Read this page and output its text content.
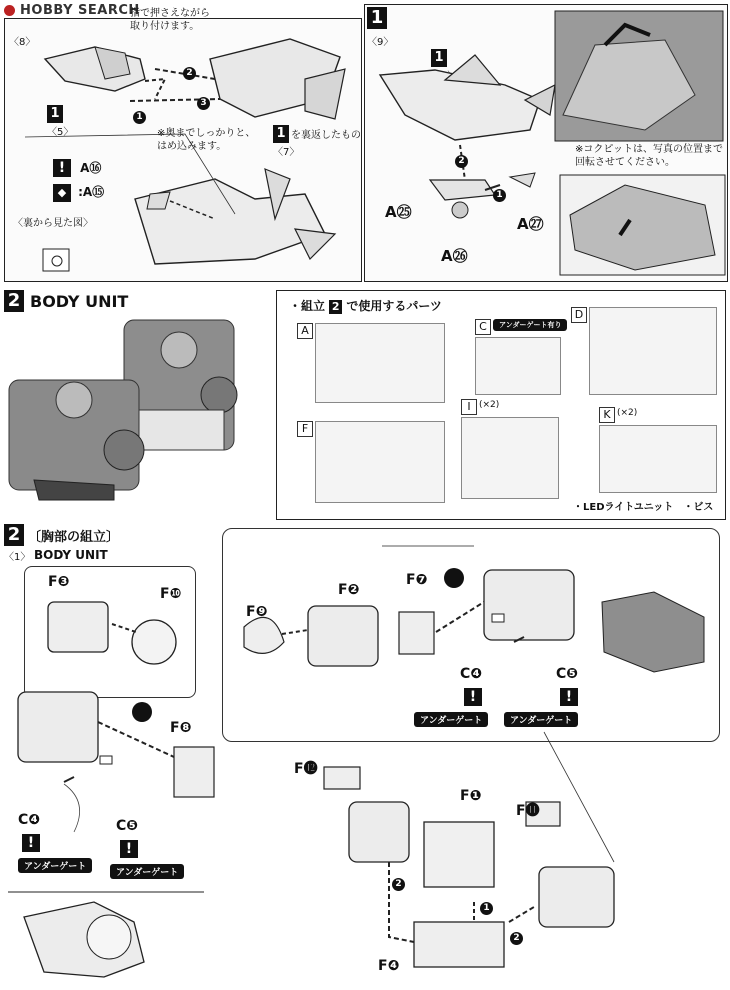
HOBBY SEARCH
〈8〉
指で押さえながら
取り付けます。
1
〈5〉
1
2
3
1
〈7〉
を裏返したもの
※奥までしっかりと、
はめ込みます。
! A⑯
◆ :A⑮
〈裏から見た図〉
1
〈9〉
1
2
1
A㉕
A㉖
A㉗
※コクピットは、写真の位置まで
回転させてください。
2 BODY UNIT	・組立 2 で使用するパーツ
A	C	アンダーゲート有り
D
F
I (×2)
K (×2)
・LEDライトユニット　・ビス
2 〔胸部の組立〕
〈1〉 BODY UNIT
F❸
F❿
F❽
C❹	C❺
!	!
アンダーゲート
アンダーゲート
F❾
F❷
F❼
C❹	C❺
!	!
アンダーゲート	アンダーゲート
F⓬
F❶
F⓫
F❹
2
1
2
